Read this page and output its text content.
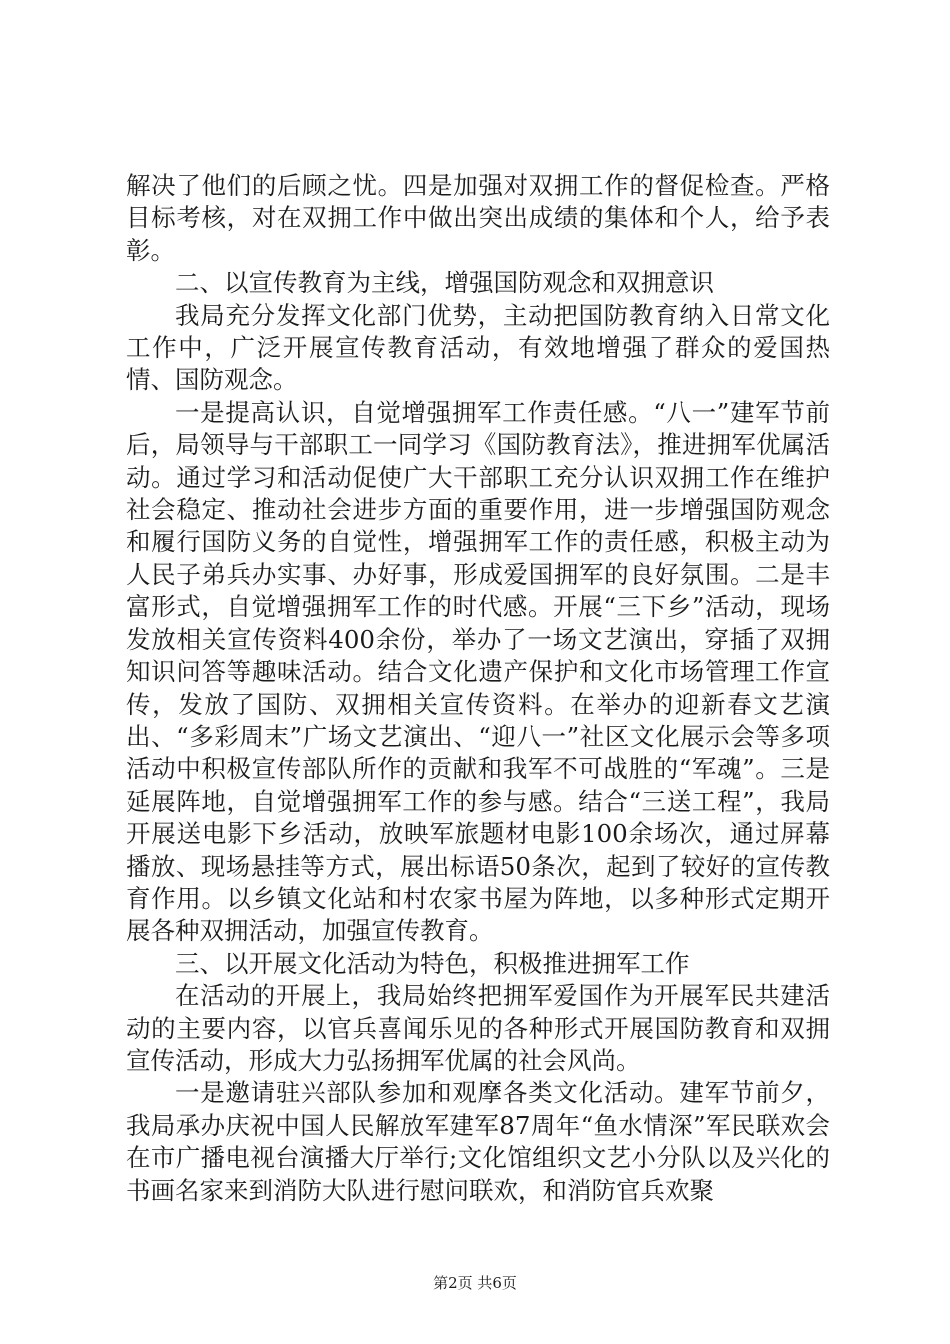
解决了他们的后顾之忧。四是加强对双拥工作的督促检查。严格目标考核，对在双拥工作中做出突出成绩的集体和个人，给予表彰。

二、以宣传教育为主线，增强国防观念和双拥意识

我局充分发挥文化部门优势，主动把国防教育纳入日常文化工作中，广泛开展宣传教育活动，有效地增强了群众的爱国热情、国防观念。

一是提高认识，自觉增强拥军工作责任感。“八一”建军节前后，局领导与干部职工一同学习《国防教育法》，推进拥军优属活动。通过学习和活动促使广大干部职工充分认识双拥工作在维护社会稳定、推动社会进步方面的重要作用，进一步增强国防观念和履行国防义务的自觉性，增强拥军工作的责任感，积极主动为人民子弟兵办实事、办好事，形成爱国拥军的良好氛围。二是丰富形式，自觉增强拥军工作的时代感。开展“三下乡”活动，现场发放相关宣传资料400余份，举办了一场文艺演出，穿插了双拥知识问答等趣味活动。结合文化遗产保护和文化市场管理工作宣传，发放了国防、双拥相关宣传资料。在举办的迎新春文艺演出、“多彩周末”广场文艺演出、“迎八一”社区文化展示会等多项活动中积极宣传部队所作的贡献和我军不可战胜的“军魂”。三是延展阵地，自觉增强拥军工作的参与感。结合“三送工程”，我局开展送电影下乡活动，放映军旅题材电影100余场次，通过屏幕播放、现场悬挂等方式，展出标语50条次，起到了较好的宣传教育作用。以乡镇文化站和村农家书屋为阵地，以多种形式定期开展各种双拥活动，加强宣传教育。

三、以开展文化活动为特色，积极推进拥军工作

在活动的开展上，我局始终把拥军爱国作为开展军民共建活动的主要内容，以官兵喜闻乐见的各种形式开展国防教育和双拥宣传活动，形成大力弘扬拥军优属的社会风尚。

一是邀请驻兴部队参加和观摩各类文化活动。建军节前夕，我局承办庆祝中国人民解放军建军87周年“鱼水情深”军民联欢会在市广播电视台演播大厅举行;文化馆组织文艺小分队以及兴化的书画名家来到消防大队进行慰问联欢，和消防官兵欢聚

第2页 共6页
